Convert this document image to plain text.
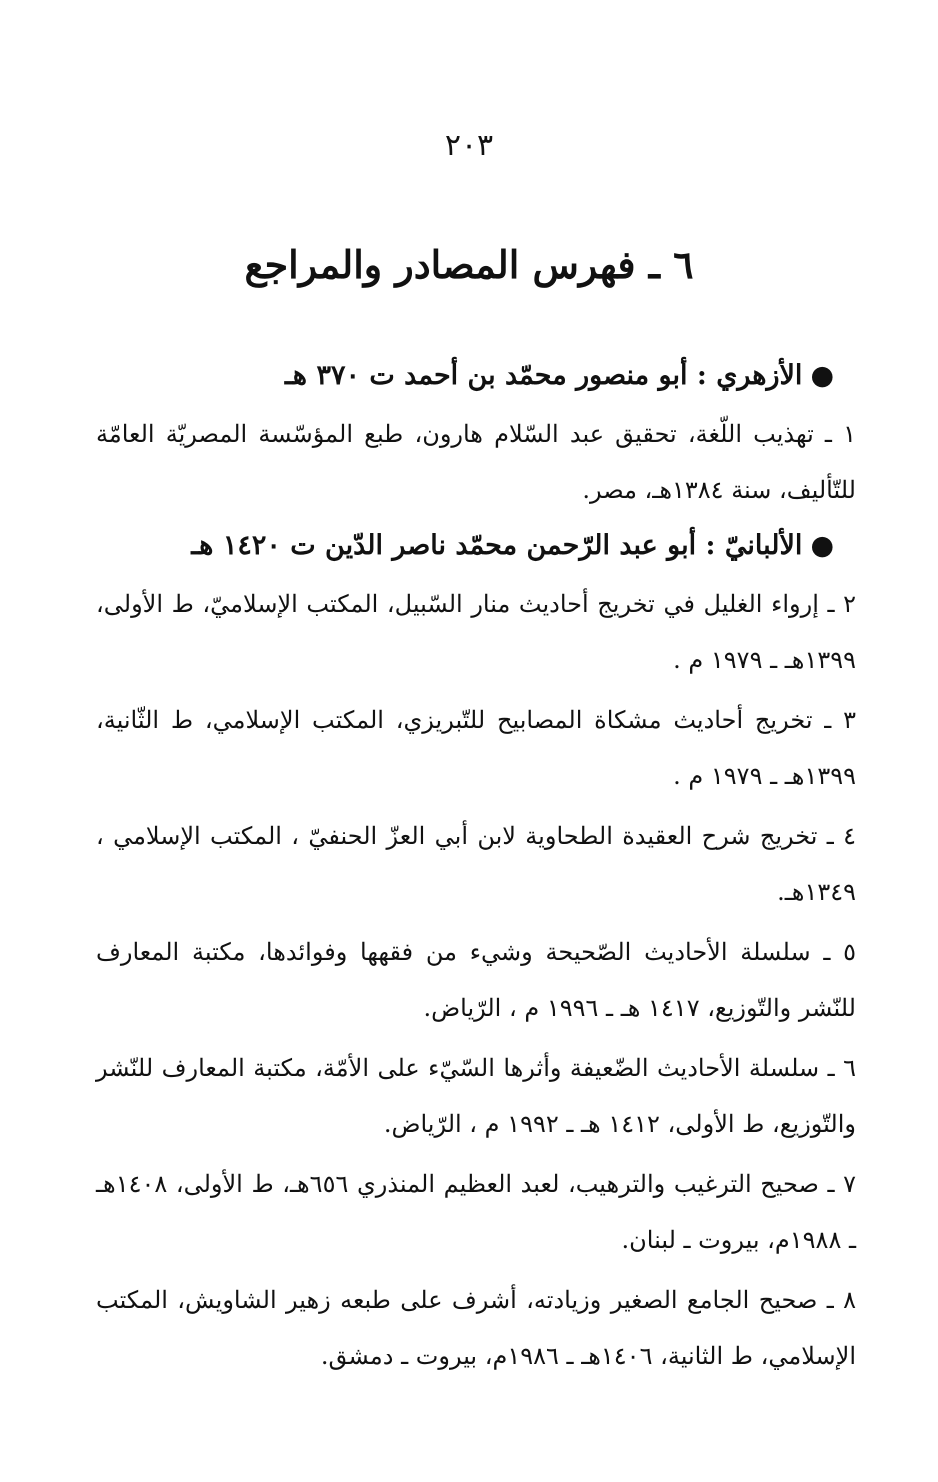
٢٠٣
٦ ـ فهرس المصادر والمراجع

●الأزهري : أبو منصور محمّد بن أحمد ت ٣٧٠ هـ

١ ـ تهذيب اللّغة، تحقيق عبد السّلام هارون، طبع المؤسّسة المصريّة العامّة للتّأليف، سنة ١٣٨٤هـ، مصر.

●الألبانيّ : أبو عبد الرّحمن محمّد ناصر الدّين ت ١٤٢٠ هـ

٢ ـ إرواء الغليل في تخريج أحاديث منار السّبيل، المكتب الإسلاميّ، ط الأولى، ١٣٩٩هـ ـ ١٩٧٩ م .

٣ ـ تخريج أحاديث مشكاة المصابيح للتّبريزي، المكتب الإسلامي، ط الثّانية، ١٣٩٩هـ ـ ١٩٧٩ م .

٤ ـ تخريج شرح العقيدة الطحاوية لابن أبي العزّ الحنفيّ ، المكتب الإسلامي ، ١٣٤٩هـ.

٥ ـ سلسلة الأحاديث الصّحيحة وشيء من فقهها وفوائدها، مكتبة المعارف للنّشر والتّوزيع، ١٤١٧ هـ ـ ١٩٩٦ م ، الرّياض.

٦ ـ سلسلة الأحاديث الضّعيفة وأثرها السّيّء على الأمّة، مكتبة المعارف للنّشر والتّوزيع، ط الأولى، ١٤١٢ هـ ـ ١٩٩٢ م ، الرّياض.

٧ ـ صحيح الترغيب والترهيب، لعبد العظيم المنذري ٦٥٦هـ، ط الأولى، ١٤٠٨هـ ـ ١٩٨٨م، بيروت ـ لبنان.

٨ ـ صحيح الجامع الصغير وزيادته، أشرف على طبعه زهير الشاويش، المكتب الإسلامي، ط الثانية، ١٤٠٦هـ ـ ١٩٨٦م، بيروت ـ دمشق.
